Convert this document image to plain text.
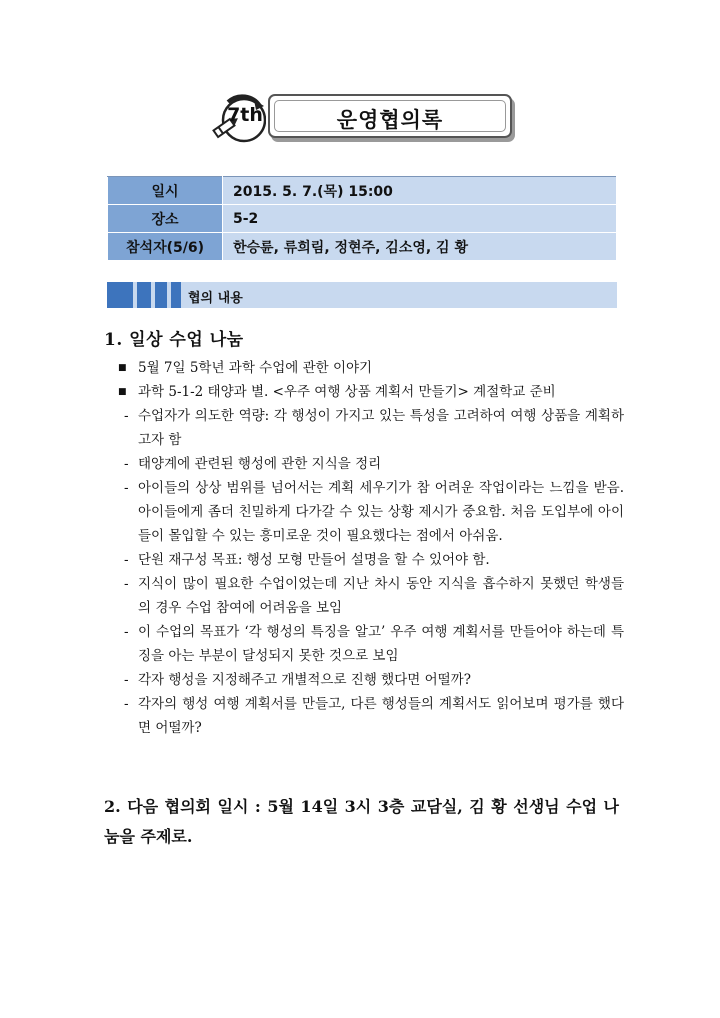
7th	운영협의록
일시	2015. 5. 7.(목) 15:00
장소	5-2
참석자(5/6)	한승륜, 류희림, 정현주, 김소영, 김 황
협의 내용
1. 일상 수업 나눔
■ 5월 7일 5학년 과학 수업에 관한 이야기
■ 과학 5-1-2 태양과 별. <우주 여행 상품 계획서 만들기> 계절학교 준비
- 수업자가 의도한 역량: 각 행성이 가지고 있는 특성을 고려하여 여행 상품을 계획하고자 함
- 태양계에 관련된 행성에 관한 지식을 정리
- 아이들의 상상 범위를 넘어서는 계획 세우기가 참 어려운 작업이라는 느낌을 받음. 아이들에게 좀더 친밀하게 다가갈 수 있는 상황 제시가 중요함. 처음 도입부에 아이들이 몰입할 수 있는 흥미로운 것이 필요했다는 점에서 아쉬움.
- 단원 재구성 목표: 행성 모형 만들어 설명을 할 수 있어야 함.
- 지식이 많이 필요한 수업이었는데 지난 차시 동안 지식을 흡수하지 못했던 학생들의 경우 수업 참여에 어려움을 보임
- 이 수업의 목표가 ‘각 행성의 특징을 알고’ 우주 여행 계획서를 만들어야 하는데 특징을 아는 부분이 달성되지 못한 것으로 보임
- 각자 행성을 지정해주고 개별적으로 진행 했다면 어떨까?
- 각자의 행성 여행 계획서를 만들고, 다른 행성들의 계획서도 읽어보며 평가를 했다면 어떨까?
2. 다음 협의회 일시 : 5월 14일 3시 3층 교담실, 김 황 선생님 수업 나눔을 주제로.
